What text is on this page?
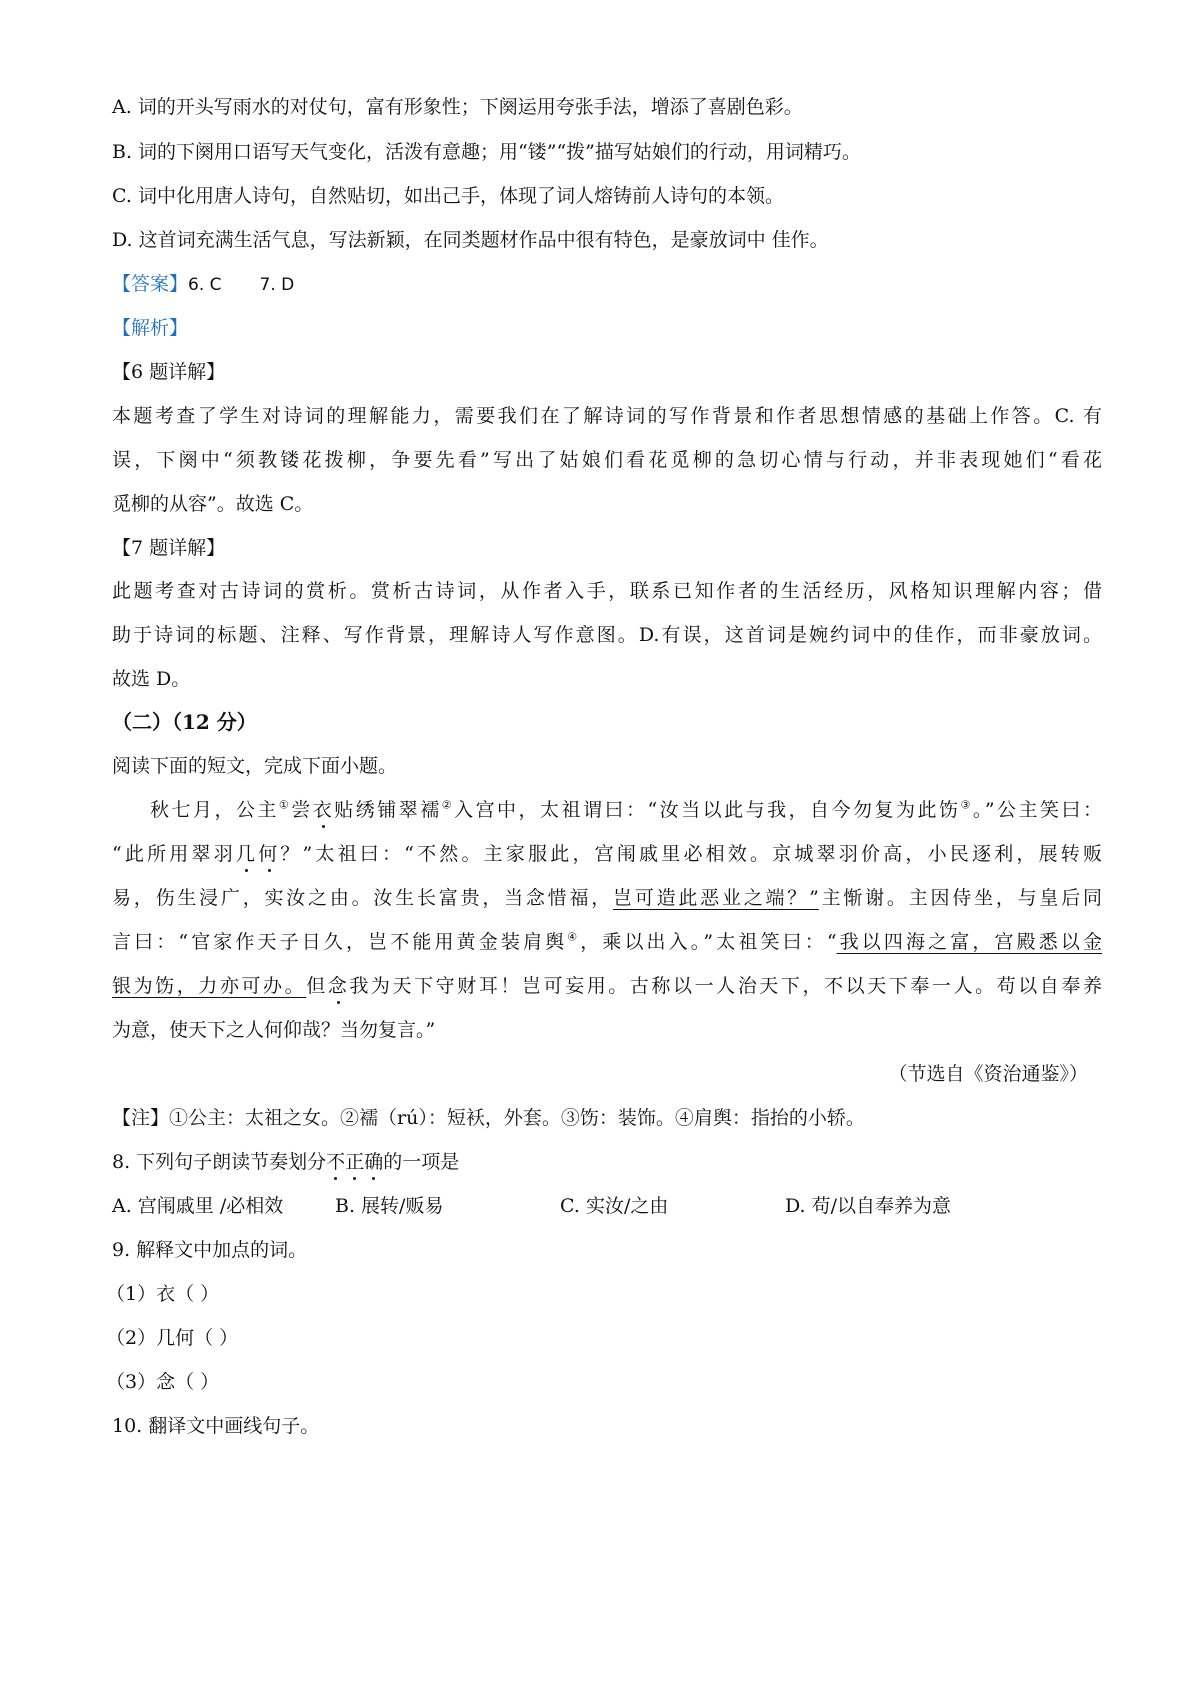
A. 词的开头写雨水的对仗句，富有形象性；下阕运用夸张手法，增添了喜剧色彩。
B. 词的下阕用口语写天气变化，活泼有意趣；用“镂”“拨”描写姑娘们的行动，用词精巧。
C. 词中化用唐人诗句，自然贴切，如出己手，体现了词人熔铸前人诗句的本领。
D. 这首词充满生活气息，写法新颖，在同类题材作品中很有特色，是豪放词中 佳作。
【答案】6. C 7. D
【解析】
【6 题详解】
本题考查了学生对诗词的理解能力，需要我们在了解诗词的写作背景和作者思想情感的基础上作答。C. 有
误，下阕中“须教镂花拨柳，争要先看”写出了姑娘们看花觅柳的急切心情与行动，并非表现她们“看花
觅柳的从容”。故选 C。
【7 题详解】
此题考查对古诗词的赏析。赏析古诗词，从作者入手，联系已知作者的生活经历，风格知识理解内容；借
助于诗词的标题、注释、写作背景，理解诗人写作意图。D.有误，这首词是婉约词中的佳作，而非豪放词。
故选 D。
（二）（12 分）
阅读下面的短文，完成下面小题。
秋七月，公主①尝衣贴绣铺翠襦②入宫中，太祖谓曰：“汝当以此与我，自今勿复为此饬③。”公主笑曰：
“此所用翠羽几何？”太祖曰：“不然。主家服此，宫闱戚里必相效。京城翠羽价高，小民逐利，展转贩
易，伤生浸广，实汝之由。汝生长富贵，当念惜福，岂可造此恶业之端？”主惭谢。主因侍坐，与皇后同
言曰：“官家作天子日久，岂不能用黄金装肩舆④，乘以出入。”太祖笑曰：“我以四海之富，宫殿悉以金
银为饬，力亦可办。但念我为天下守财耳！岂可妄用。古称以一人治天下，不以天下奉一人。苟以自奉养
为意，使天下之人何仰哉？当勿复言。”
（节选自《资治通鉴》）
【注】①公主：太祖之女。②襦（rú）：短袄，外套。③饬：装饰。④肩舆：指抬的小轿。
8. 下列句子朗读节奏划分不正确的一项是
A. 宫闱戚里 /必相效	B. 展转/贩易	C. 实汝/之由	D. 苟/以自奉养为意
9. 解释文中加点的词。
（1）衣（ ）
（2）几何（ ）
（3）念（ ）
10. 翻译文中画线句子。
